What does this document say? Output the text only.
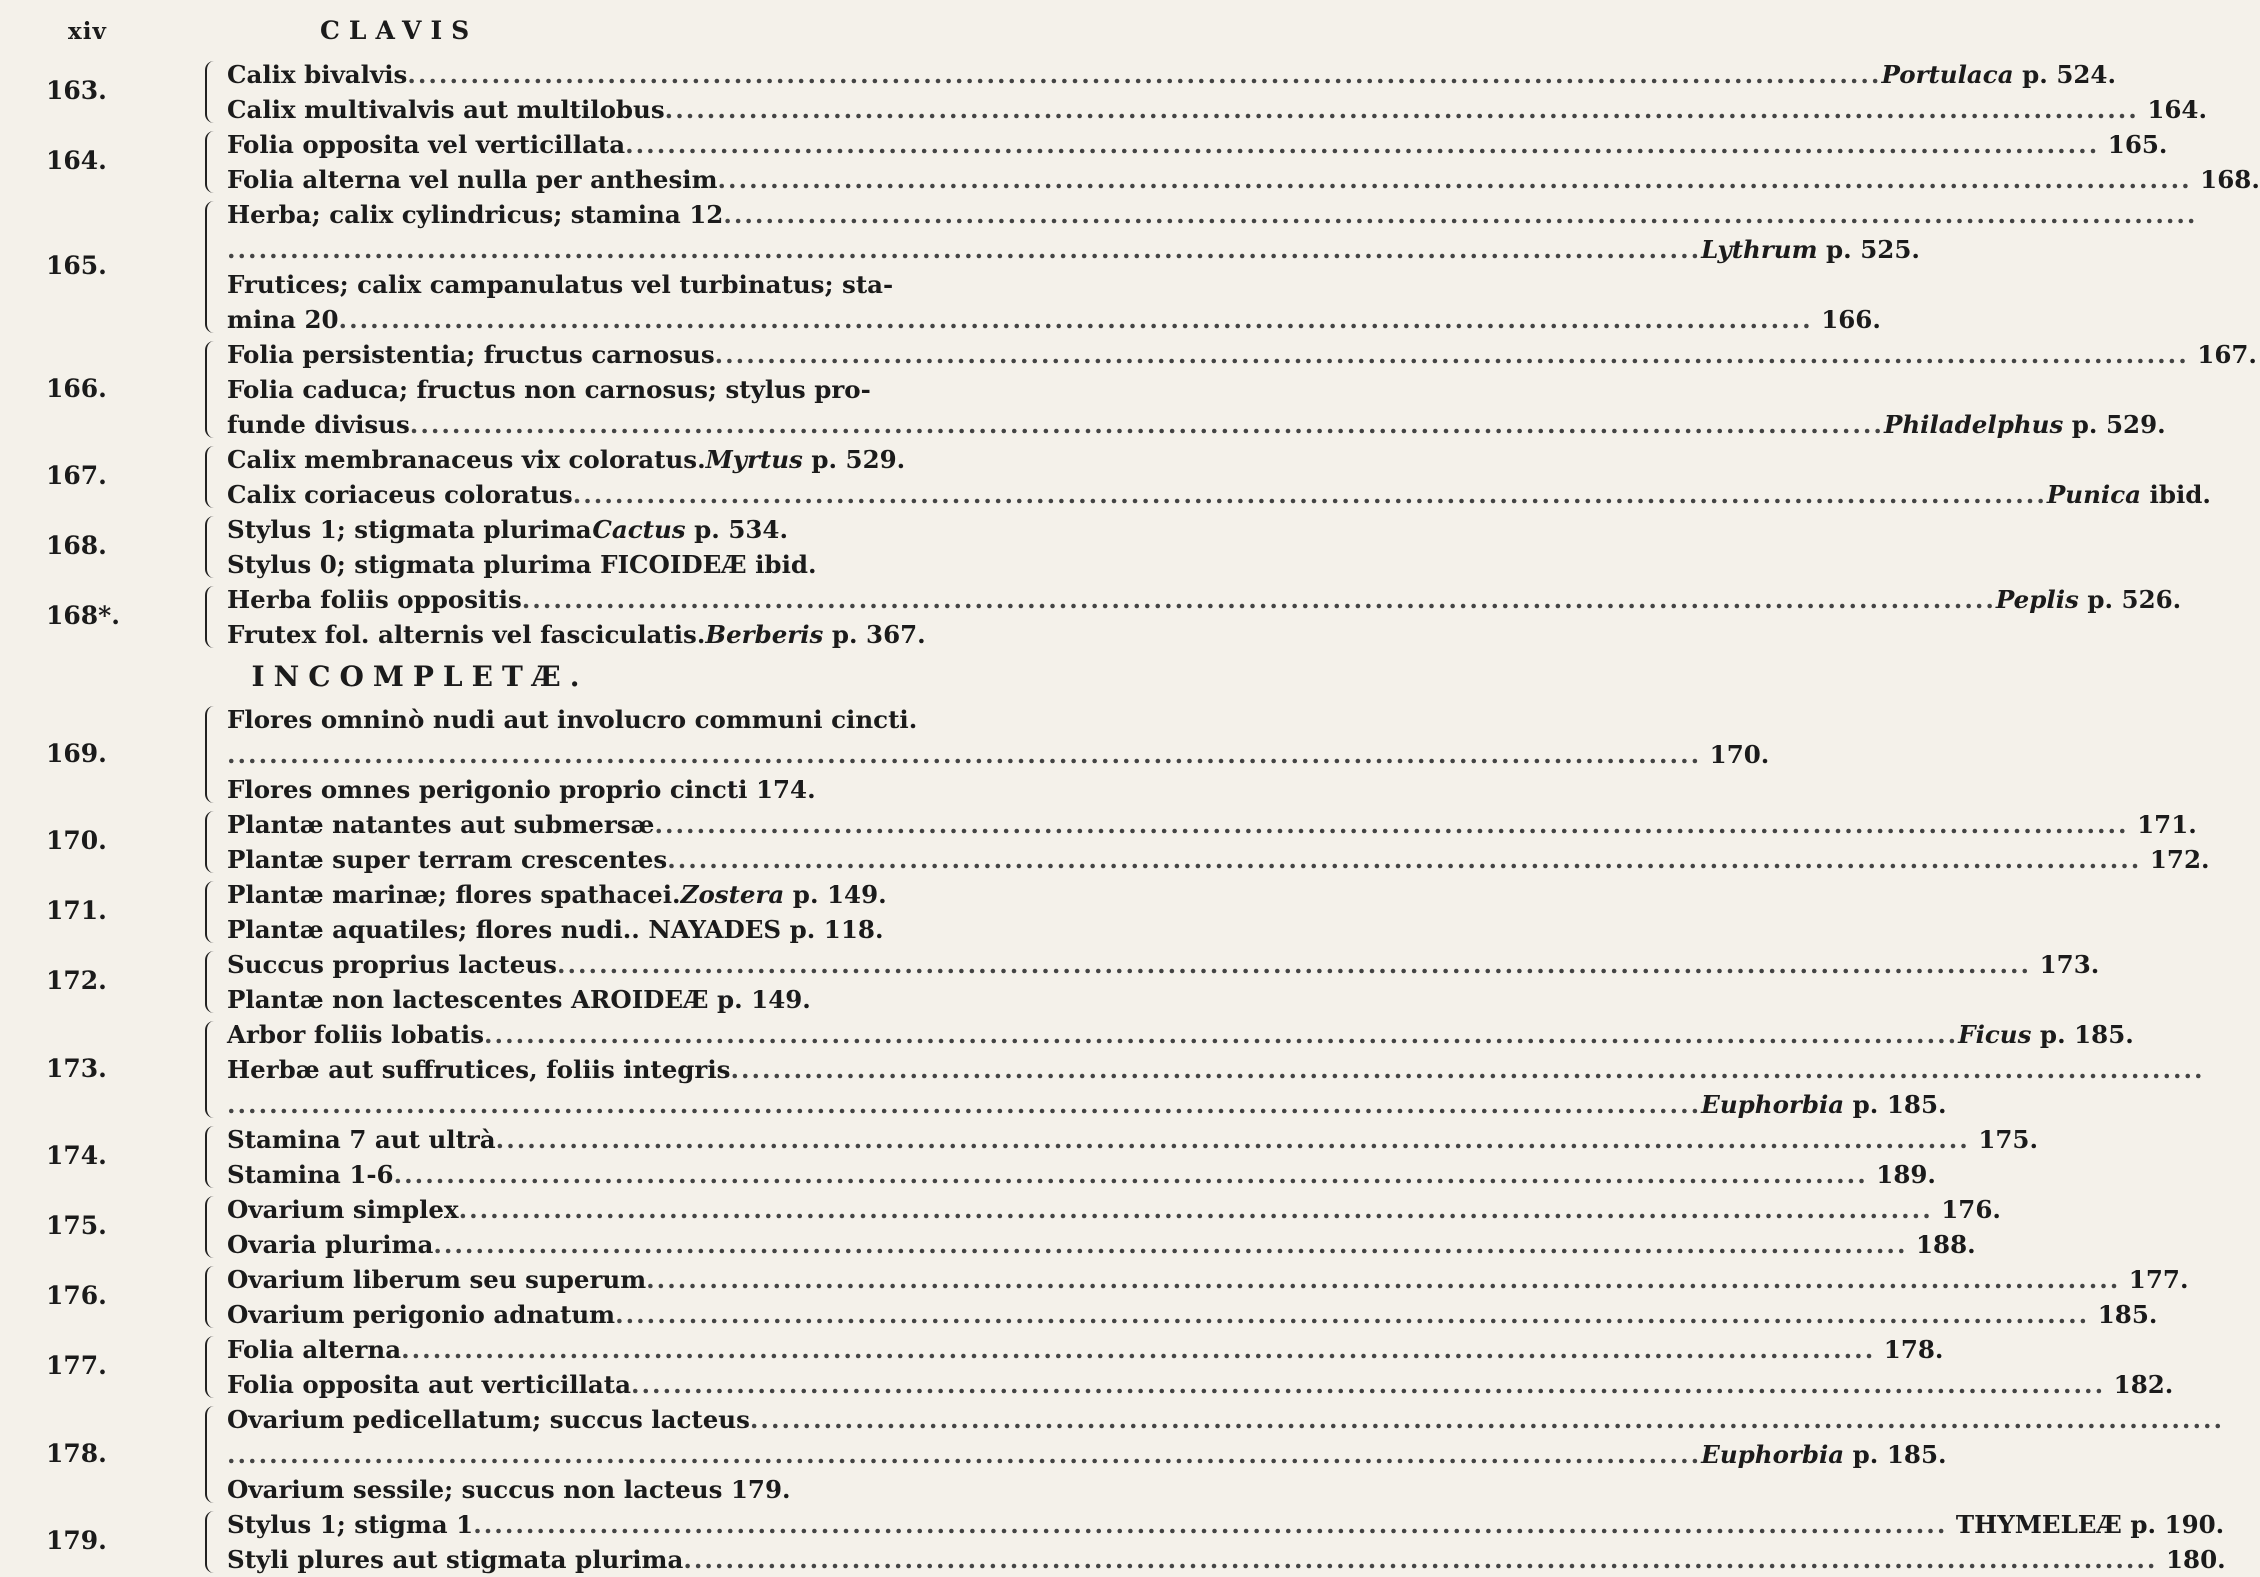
xiv	CLAVIS
163.
Calix bivalvis ............................................................................................................................................ Portulaca p. 524.
Calix multivalvis aut multilobus ............................................................................................................................................ 164.
164.
Folia opposita vel verticillata ............................................................................................................................................ 165.
Folia alterna vel nulla per anthesim ............................................................................................................................................ 168.
165.
Herba; calix cylindricus; stamina 12 ............................................................................................................................................
............................................................................................................................................ Lythrum p. 525.
Frutices; calix campanulatus vel turbinatus; sta-
mina 20 ............................................................................................................................................ 166.
166.
Folia persistentia; fructus carnosus ............................................................................................................................................ 167.
Folia caduca; fructus non carnosus; stylus pro-
funde divisus ............................................................................................................................................ Philadelphus p. 529.
167.
Calix membranaceus vix coloratus. Myrtus p. 529.
Calix coriaceus coloratus ............................................................................................................................................ Punica ibid.
168.
Stylus 1; stigmata plurima Cactus p. 534.
Stylus 0; stigmata plurima FICOIDEÆ ibid.
168*.
Herba foliis oppositis ............................................................................................................................................ Peplis p. 526.
Frutex fol. alternis vel fasciculatis. Berberis p. 367.
INCOMPLETÆ.
169.
Flores omninò nudi aut involucro communi cincti.
............................................................................................................................................ 170.
Flores omnes perigonio proprio cincti 174.
170.
Plantæ natantes aut submersæ ............................................................................................................................................ 171.
Plantæ super terram crescentes ............................................................................................................................................ 172.
171.
Plantæ marinæ; flores spathacei. Zostera p. 149.
Plantæ aquatiles; flores nudi.. NAYADES p. 118.
172.
Succus proprius lacteus ............................................................................................................................................ 173.
Plantæ non lactescentes AROIDEÆ p. 149.
173.
Arbor foliis lobatis ............................................................................................................................................ Ficus p. 185.
Herbæ aut suffrutices, foliis integris ............................................................................................................................................
............................................................................................................................................ Euphorbia p. 185.
174.
Stamina 7 aut ultrà ............................................................................................................................................ 175.
Stamina 1-6 ............................................................................................................................................ 189.
175.
Ovarium simplex ............................................................................................................................................ 176.
Ovaria plurima ............................................................................................................................................ 188.
176.
Ovarium liberum seu superum ............................................................................................................................................ 177.
Ovarium perigonio adnatum ............................................................................................................................................ 185.
177.
Folia alterna ............................................................................................................................................ 178.
Folia opposita aut verticillata ............................................................................................................................................ 182.
178.
Ovarium pedicellatum; succus lacteus ............................................................................................................................................
............................................................................................................................................ Euphorbia p. 185.
Ovarium sessile; succus non lacteus 179.
179.
Stylus 1; stigma 1 ............................................................................................................................................ THYMELEÆ p. 190.
Styli plures aut stigmata plurima ............................................................................................................................................ 180.
